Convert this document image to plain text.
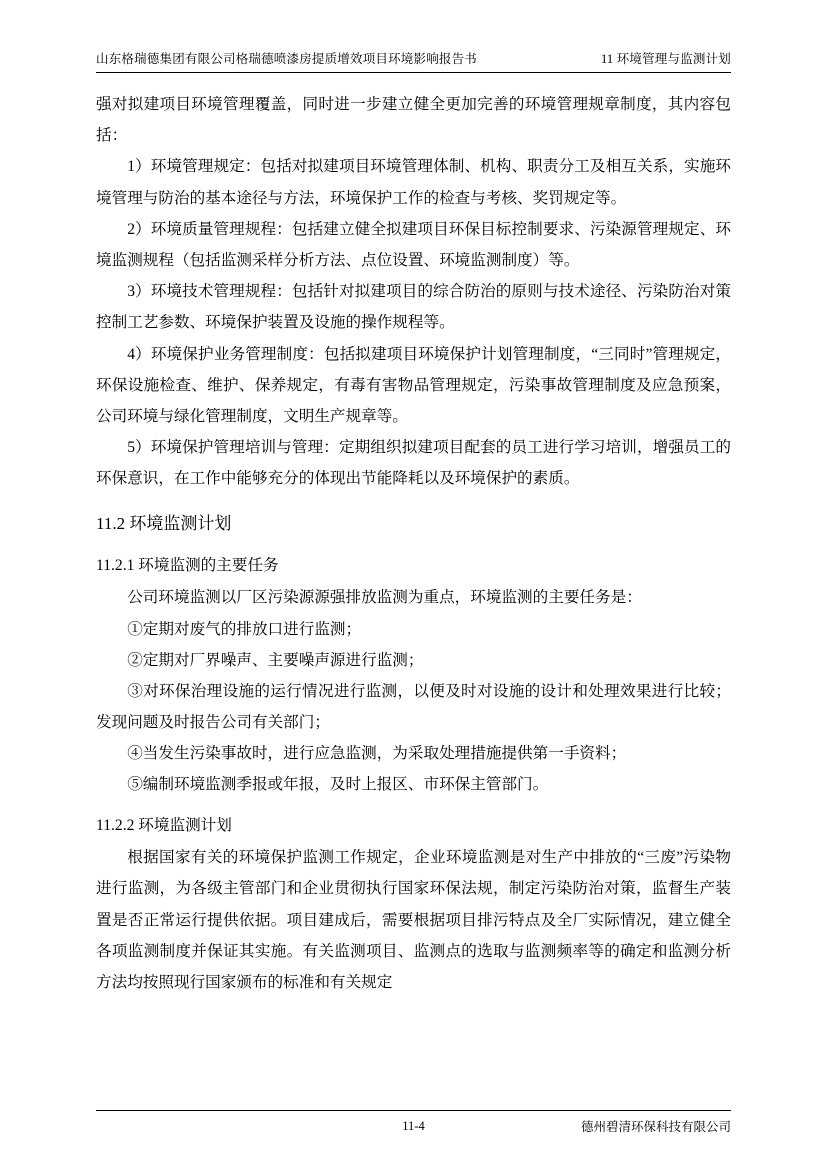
山东格瑞德集团有限公司格瑞德喷漆房提质增效项目环境影响报告书	11 环境管理与监测计划

强对拟建项目环境管理覆盖，同时进一步建立健全更加完善的环境管理规章制度，其内容包括：

1）环境管理规定：包括对拟建项目环境管理体制、机构、职责分工及相互关系，实施环境管理与防治的基本途径与方法，环境保护工作的检查与考核、奖罚规定等。

2）环境质量管理规程：包括建立健全拟建项目环保目标控制要求、污染源管理规定、环境监测规程（包括监测采样分析方法、点位设置、环境监测制度）等。

3）环境技术管理规程：包括针对拟建项目的综合防治的原则与技术途径、污染防治对策控制工艺参数、环境保护装置及设施的操作规程等。

4）环境保护业务管理制度：包括拟建项目环境保护计划管理制度，“三同时”管理规定，环保设施检查、维护、保养规定，有毒有害物品管理规定，污染事故管理制度及应急预案，公司环境与绿化管理制度，文明生产规章等。

5）环境保护管理培训与管理：定期组织拟建项目配套的员工进行学习培训，增强员工的环保意识，在工作中能够充分的体现出节能降耗以及环境保护的素质。

11.2 环境监测计划
11.2.1 环境监测的主要任务

公司环境监测以厂区污染源源强排放监测为重点，环境监测的主要任务是：

①定期对废气的排放口进行监测；

②定期对厂界噪声、主要噪声源进行监测；

③对环保治理设施的运行情况进行监测，以便及时对设施的设计和处理效果进行比较；发现问题及时报告公司有关部门；

④当发生污染事故时，进行应急监测，为采取处理措施提供第一手资料；

⑤编制环境监测季报或年报，及时上报区、市环保主管部门。

11.2.2 环境监测计划

根据国家有关的环境保护监测工作规定，企业环境监测是对生产中排放的“三废”污染物进行监测，为各级主管部门和企业贯彻执行国家环保法规，制定污染防治对策，监督生产装置是否正常运行提供依据。项目建成后，需要根据项目排污特点及全厂实际情况，建立健全各项监测制度并保证其实施。有关监测项目、监测点的选取与监测频率等的确定和监测分析方法均按照现行国家颁布的标准和有关规定

11-4	德州碧清环保科技有限公司
